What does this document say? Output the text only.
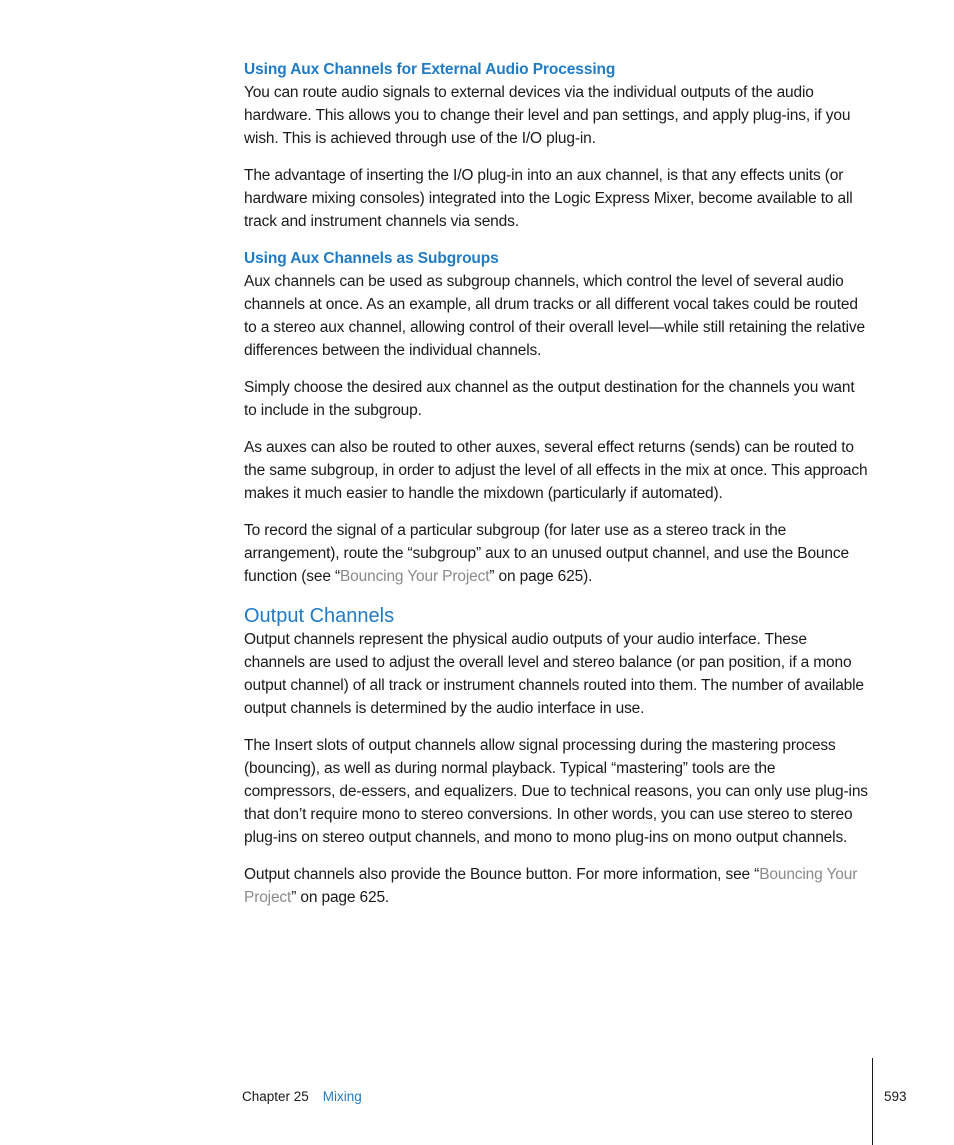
Using Aux Channels for External Audio Processing

You can route audio signals to external devices via the individual outputs of the audio hardware. This allows you to change their level and pan settings, and apply plug-ins, if you wish. This is achieved through use of the I/O plug-in.

The advantage of inserting the I/O plug-in into an aux channel, is that any effects units (or hardware mixing consoles) integrated into the Logic Express Mixer, become available to all track and instrument channels via sends.

Using Aux Channels as Subgroups

Aux channels can be used as subgroup channels, which control the level of several audio channels at once. As an example, all drum tracks or all different vocal takes could be routed to a stereo aux channel, allowing control of their overall level—while still retaining the relative differences between the individual channels.

Simply choose the desired aux channel as the output destination for the channels you want to include in the subgroup.

As auxes can also be routed to other auxes, several effect returns (sends) can be routed to the same subgroup, in order to adjust the level of all effects in the mix at once. This approach makes it much easier to handle the mixdown (particularly if automated).

To record the signal of a particular subgroup (for later use as a stereo track in the arrangement), route the “subgroup” aux to an unused output channel, and use the Bounce function (see “Bouncing Your Project” on page 625).

Output Channels

Output channels represent the physical audio outputs of your audio interface. These channels are used to adjust the overall level and stereo balance (or pan position, if a mono output channel) of all track or instrument channels routed into them. The number of available output channels is determined by the audio interface in use.

The Insert slots of output channels allow signal processing during the mastering process (bouncing), as well as during normal playback. Typical “mastering” tools are the compressors, de-essers, and equalizers. Due to technical reasons, you can only use plug-ins that don’t require mono to stereo conversions. In other words, you can use stereo to stereo plug-ins on stereo output channels, and mono to mono plug-ins on mono output channels.

Output channels also provide the Bounce button. For more information, see “Bouncing Your Project” on page 625.

Chapter 25 Mixing	593
